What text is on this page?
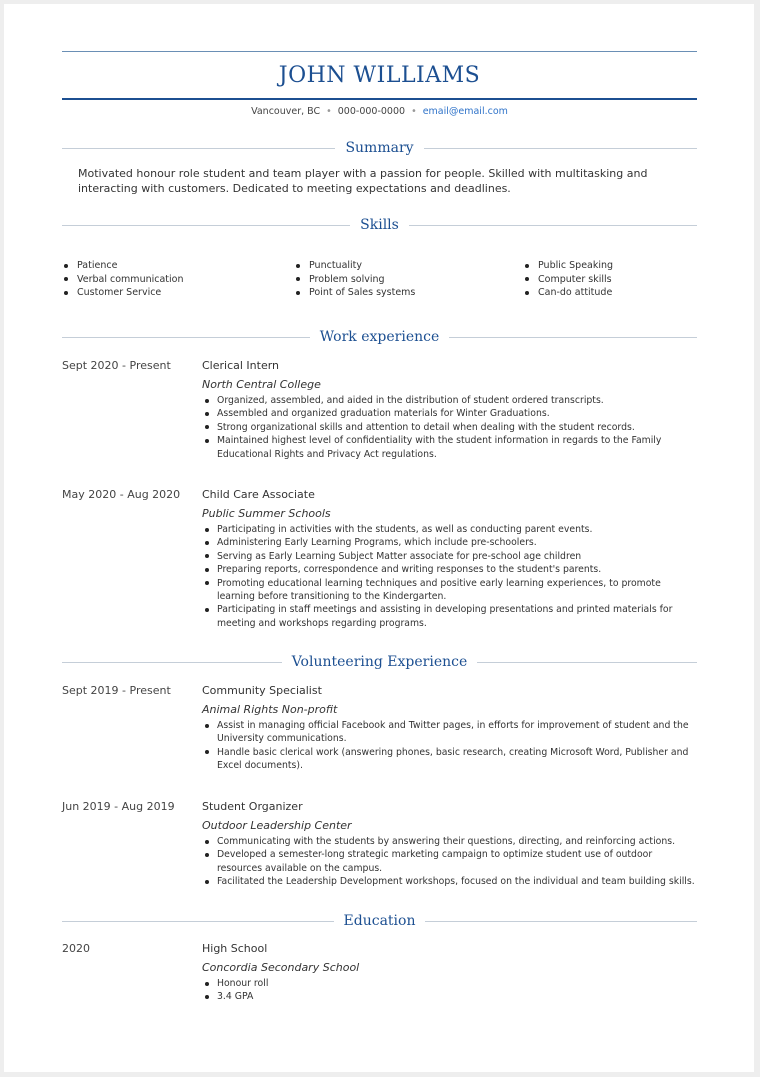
JOHN WILLIAMS
Vancouver, BC • 000-000-0000 • email@email.com
Summary
Motivated honour role student and team player with a passion for people. Skilled with multitasking and interacting with customers. Dedicated to meeting expectations and deadlines.
Skills
Patience
Verbal communication
Customer Service
Punctuality
Problem solving
Point of Sales systems
Public Speaking
Computer skills
Can-do attitude
Work experience
Sept 2020 - Present	Clerical Intern
North Central College
Organized, assembled, and aided in the distribution of student ordered transcripts.
Assembled and organized graduation materials for Winter Graduations.
Strong organizational skills and attention to detail when dealing with the student records.
Maintained highest level of confidentiality with the student information in regards to the Family Educational Rights and Privacy Act regulations.
May 2020 - Aug 2020 Child Care Associate
Public Summer Schools
Participating in activities with the students, as well as conducting parent events.
Administering Early Learning Programs, which include pre-schoolers.
Serving as Early Learning Subject Matter associate for pre-school age children
Preparing reports, correspondence and writing responses to the student's parents.
Promoting educational learning techniques and positive early learning experiences, to promote learning before transitioning to the Kindergarten.
Participating in staff meetings and assisting in developing presentations and printed materials for meeting and workshops regarding programs.
Volunteering Experience
Sept 2019 - Present	Community Specialist
Animal Rights Non-profit
Assist in managing official Facebook and Twitter pages, in efforts for improvement of student and the University communications.
Handle basic clerical work (answering phones, basic research, creating Microsoft Word, Publisher and Excel documents).
Jun 2019 - Aug 2019 Student Organizer
Outdoor Leadership Center
Communicating with the students by answering their questions, directing, and reinforcing actions.
Developed a semester-long strategic marketing campaign to optimize student use of outdoor resources available on the campus.
Facilitated the Leadership Development workshops, focused on the individual and team building skills.
Education
2020	High School
Concordia Secondary School
Honour roll
3.4 GPA
